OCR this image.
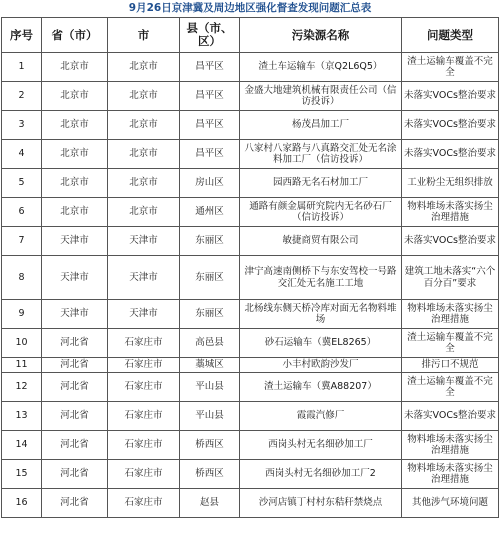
9月26日京津冀及周边地区强化督查发现问题汇总表
序号	省（市）	市	县（市、区）	污染源名称	问题类型
1	北京市	北京市	昌平区	渣土车运输车（京Q2L6Q5）	渣土运输车覆盖不完全
2	北京市	北京市	昌平区	金盛大地建筑机械有限责任公司（信访投诉）	未落实VOCs整治要求
3	北京市	北京市	昌平区	杨茂昌加工厂	未落实VOCs整治要求
4	北京市	北京市	昌平区	八家村八家路与八真路交汇处无名涂料加工厂（信访投诉）	未落实VOCs整治要求
5	北京市	北京市	房山区	园西路无名石材加工厂	工业粉尘无组织排放
6	北京市	北京市	通州区	通路有颜金属研究院内无名砂石厂（信访投诉）	物料堆场未落实扬尘治理措施
7	天津市	天津市	东丽区	敏捷商贸有限公司	未落实VOCs整治要求
8	天津市	天津市	东丽区	津宁高速南侧桥下与东安驾校一号路交汇处无名施工工地	建筑工地未落实“六个百分百”要求
9	天津市	天津市	东丽区	北杨线东侧天桥冷库对面无名物料堆场	物料堆场未落实扬尘治理措施
10	河北省	石家庄市	高邑县	砂石运输车（冀EL8265）	渣土运输车覆盖不完全
11	河北省	石家庄市	藁城区	小丰村欧韵沙发厂	排污口不规范
12	河北省	石家庄市	平山县	渣土运输车（冀A88207）	渣土运输车覆盖不完全
13	河北省	石家庄市	平山县	霞霞汽修厂	未落实VOCs整治要求
14	河北省	石家庄市	桥西区	西岗头村无名细砂加工厂	物料堆场未落实扬尘治理措施
15	河北省	石家庄市	桥西区	西岗头村无名细砂加工厂2	物料堆场未落实扬尘治理措施
16	河北省	石家庄市	赵县	沙河店镇丁村村东秸秆禁烧点	其他涉气环境问题
